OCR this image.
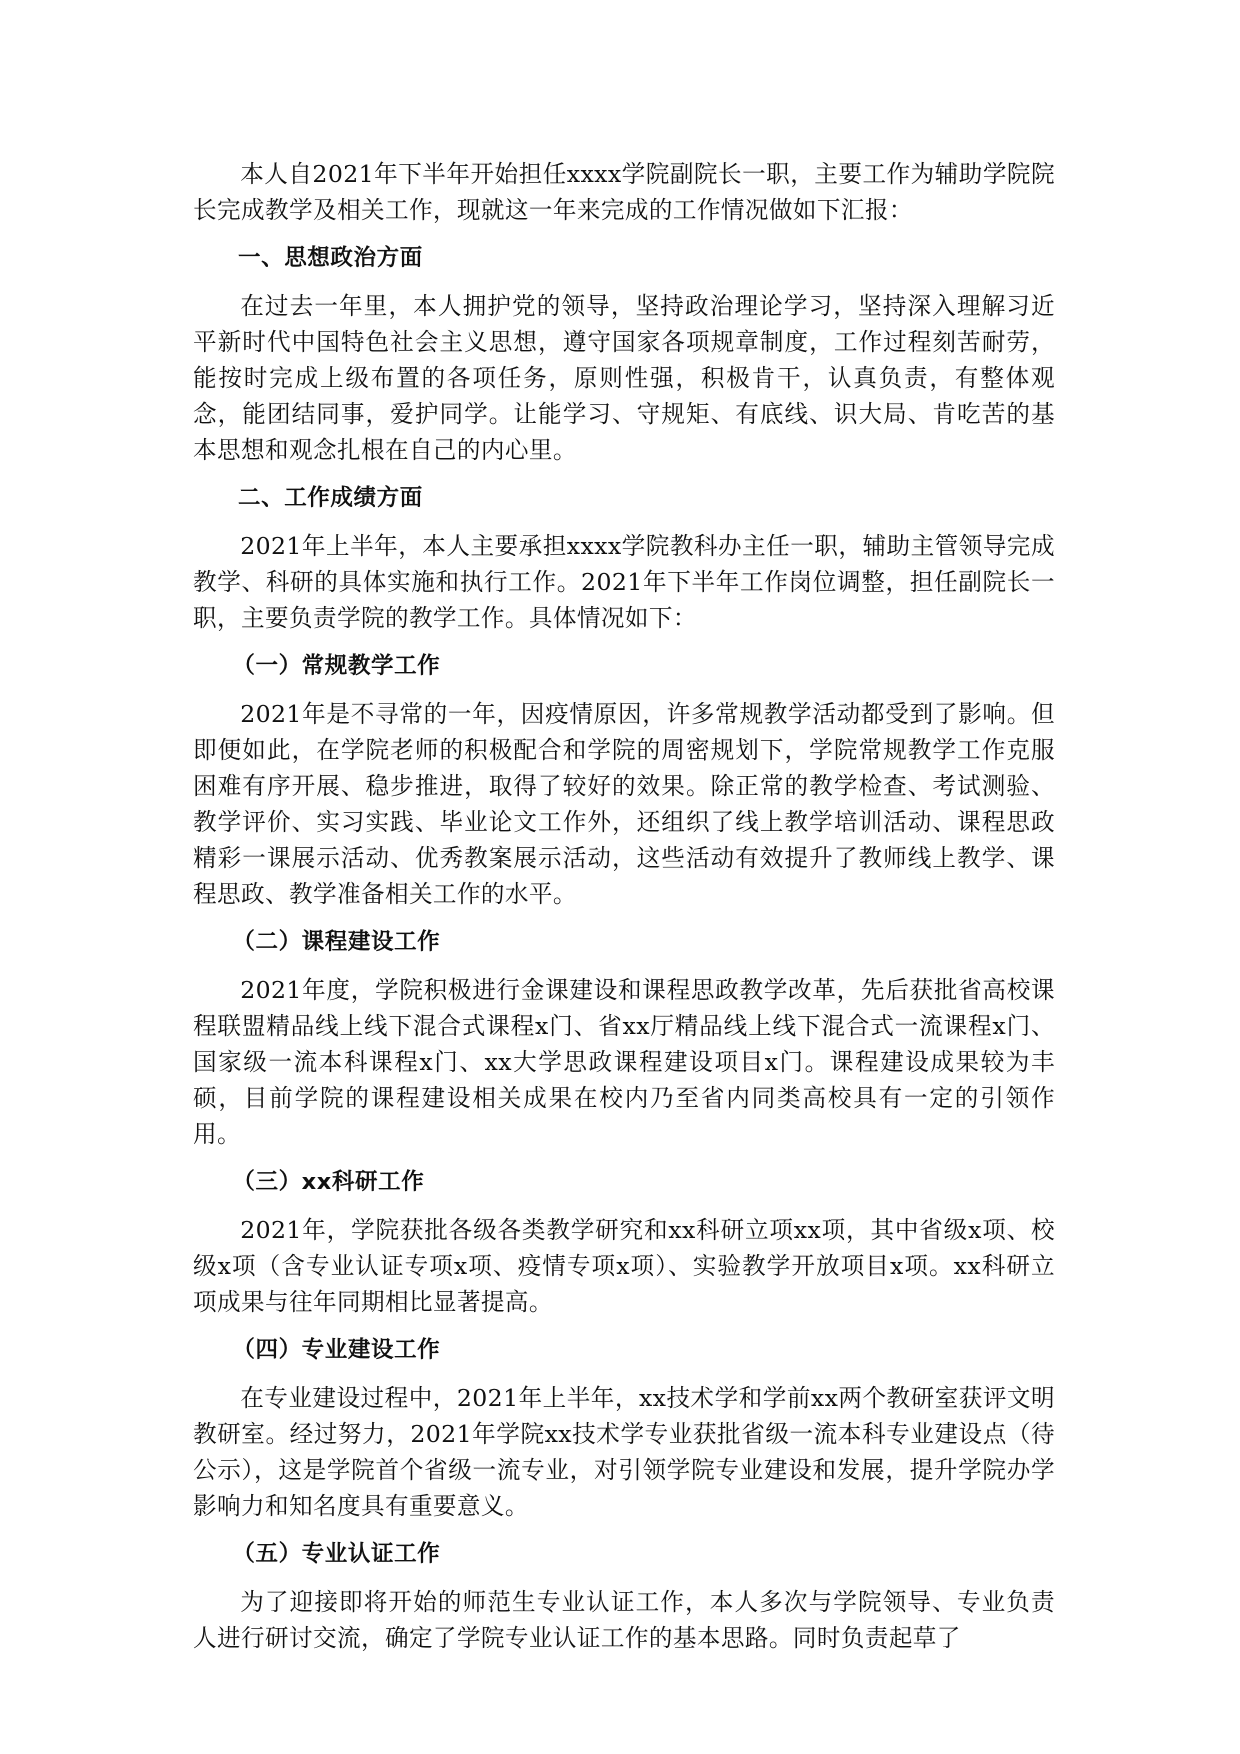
本人自2021年下半年开始担任xxxx学院副院长一职，主要工作为辅助学院院长完成教学及相关工作，现就这一年来完成的工作情况做如下汇报：

一、思想政治方面

在过去一年里，本人拥护党的领导，坚持政治理论学习，坚持深入理解习近平新时代中国特色社会主义思想，遵守国家各项规章制度，工作过程刻苦耐劳，能按时完成上级布置的各项任务，原则性强，积极肯干，认真负责，有整体观念，能团结同事，爱护同学。让能学习、守规矩、有底线、识大局、肯吃苦的基本思想和观念扎根在自己的内心里。

二、工作成绩方面

2021年上半年，本人主要承担xxxx学院教科办主任一职，辅助主管领导完成教学、科研的具体实施和执行工作。2021年下半年工作岗位调整，担任副院长一职，主要负责学院的教学工作。具体情况如下：

（一）常规教学工作

2021年是不寻常的一年，因疫情原因，许多常规教学活动都受到了影响。但即便如此，在学院老师的积极配合和学院的周密规划下，学院常规教学工作克服困难有序开展、稳步推进，取得了较好的效果。除正常的教学检查、考试测验、教学评价、实习实践、毕业论文工作外，还组织了线上教学培训活动、课程思政精彩一课展示活动、优秀教案展示活动，这些活动有效提升了教师线上教学、课程思政、教学准备相关工作的水平。

（二）课程建设工作

2021年度，学院积极进行金课建设和课程思政教学改革，先后获批省高校课程联盟精品线上线下混合式课程x门、省xx厅精品线上线下混合式一流课程x门、国家级一流本科课程x门、xx大学思政课程建设项目x门。课程建设成果较为丰硕，目前学院的课程建设相关成果在校内乃至省内同类高校具有一定的引领作用。

（三）xx科研工作

2021年，学院获批各级各类教学研究和xx科研立项xx项，其中省级x项、校级x项（含专业认证专项x项、疫情专项x项）、实验教学开放项目x项。xx科研立项成果与往年同期相比显著提高。

（四）专业建设工作

在专业建设过程中，2021年上半年，xx技术学和学前xx两个教研室获评文明教研室。经过努力，2021年学院xx技术学专业获批省级一流本科专业建设点（待公示），这是学院首个省级一流专业，对引领学院专业建设和发展，提升学院办学影响力和知名度具有重要意义。

（五）专业认证工作

为了迎接即将开始的师范生专业认证工作，本人多次与学院领导、专业负责人进行研讨交流，确定了学院专业认证工作的基本思路。同时负责起草了
